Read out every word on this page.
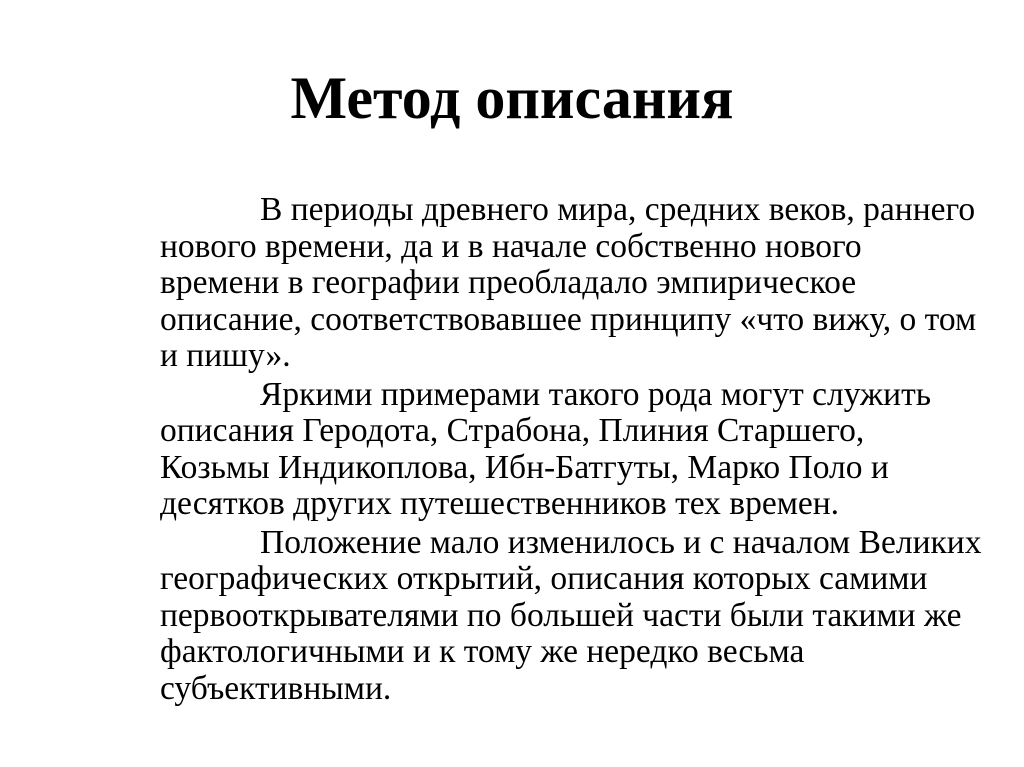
Метод описания
В периоды древнего мира, средних веков, раннего
нового времени, да и в начале собственно нового
времени в географии преобладало эмпирическое
описание, соответствовавшее принципу «что вижу, о том
и пишу».
Яркими примерами такого рода могут служить
описания Геродота, Страбона, Плиния Старшего,
Козьмы Индикоплова, Ибн-Батгуты, Марко Поло и
десятков других путешественников тех времен.
Положение мало изменилось и с началом Великих
географических открытий, описания которых самими
первооткрывателями по большей части были такими же
фактологичными и к тому же нередко весьма
субъективными.
